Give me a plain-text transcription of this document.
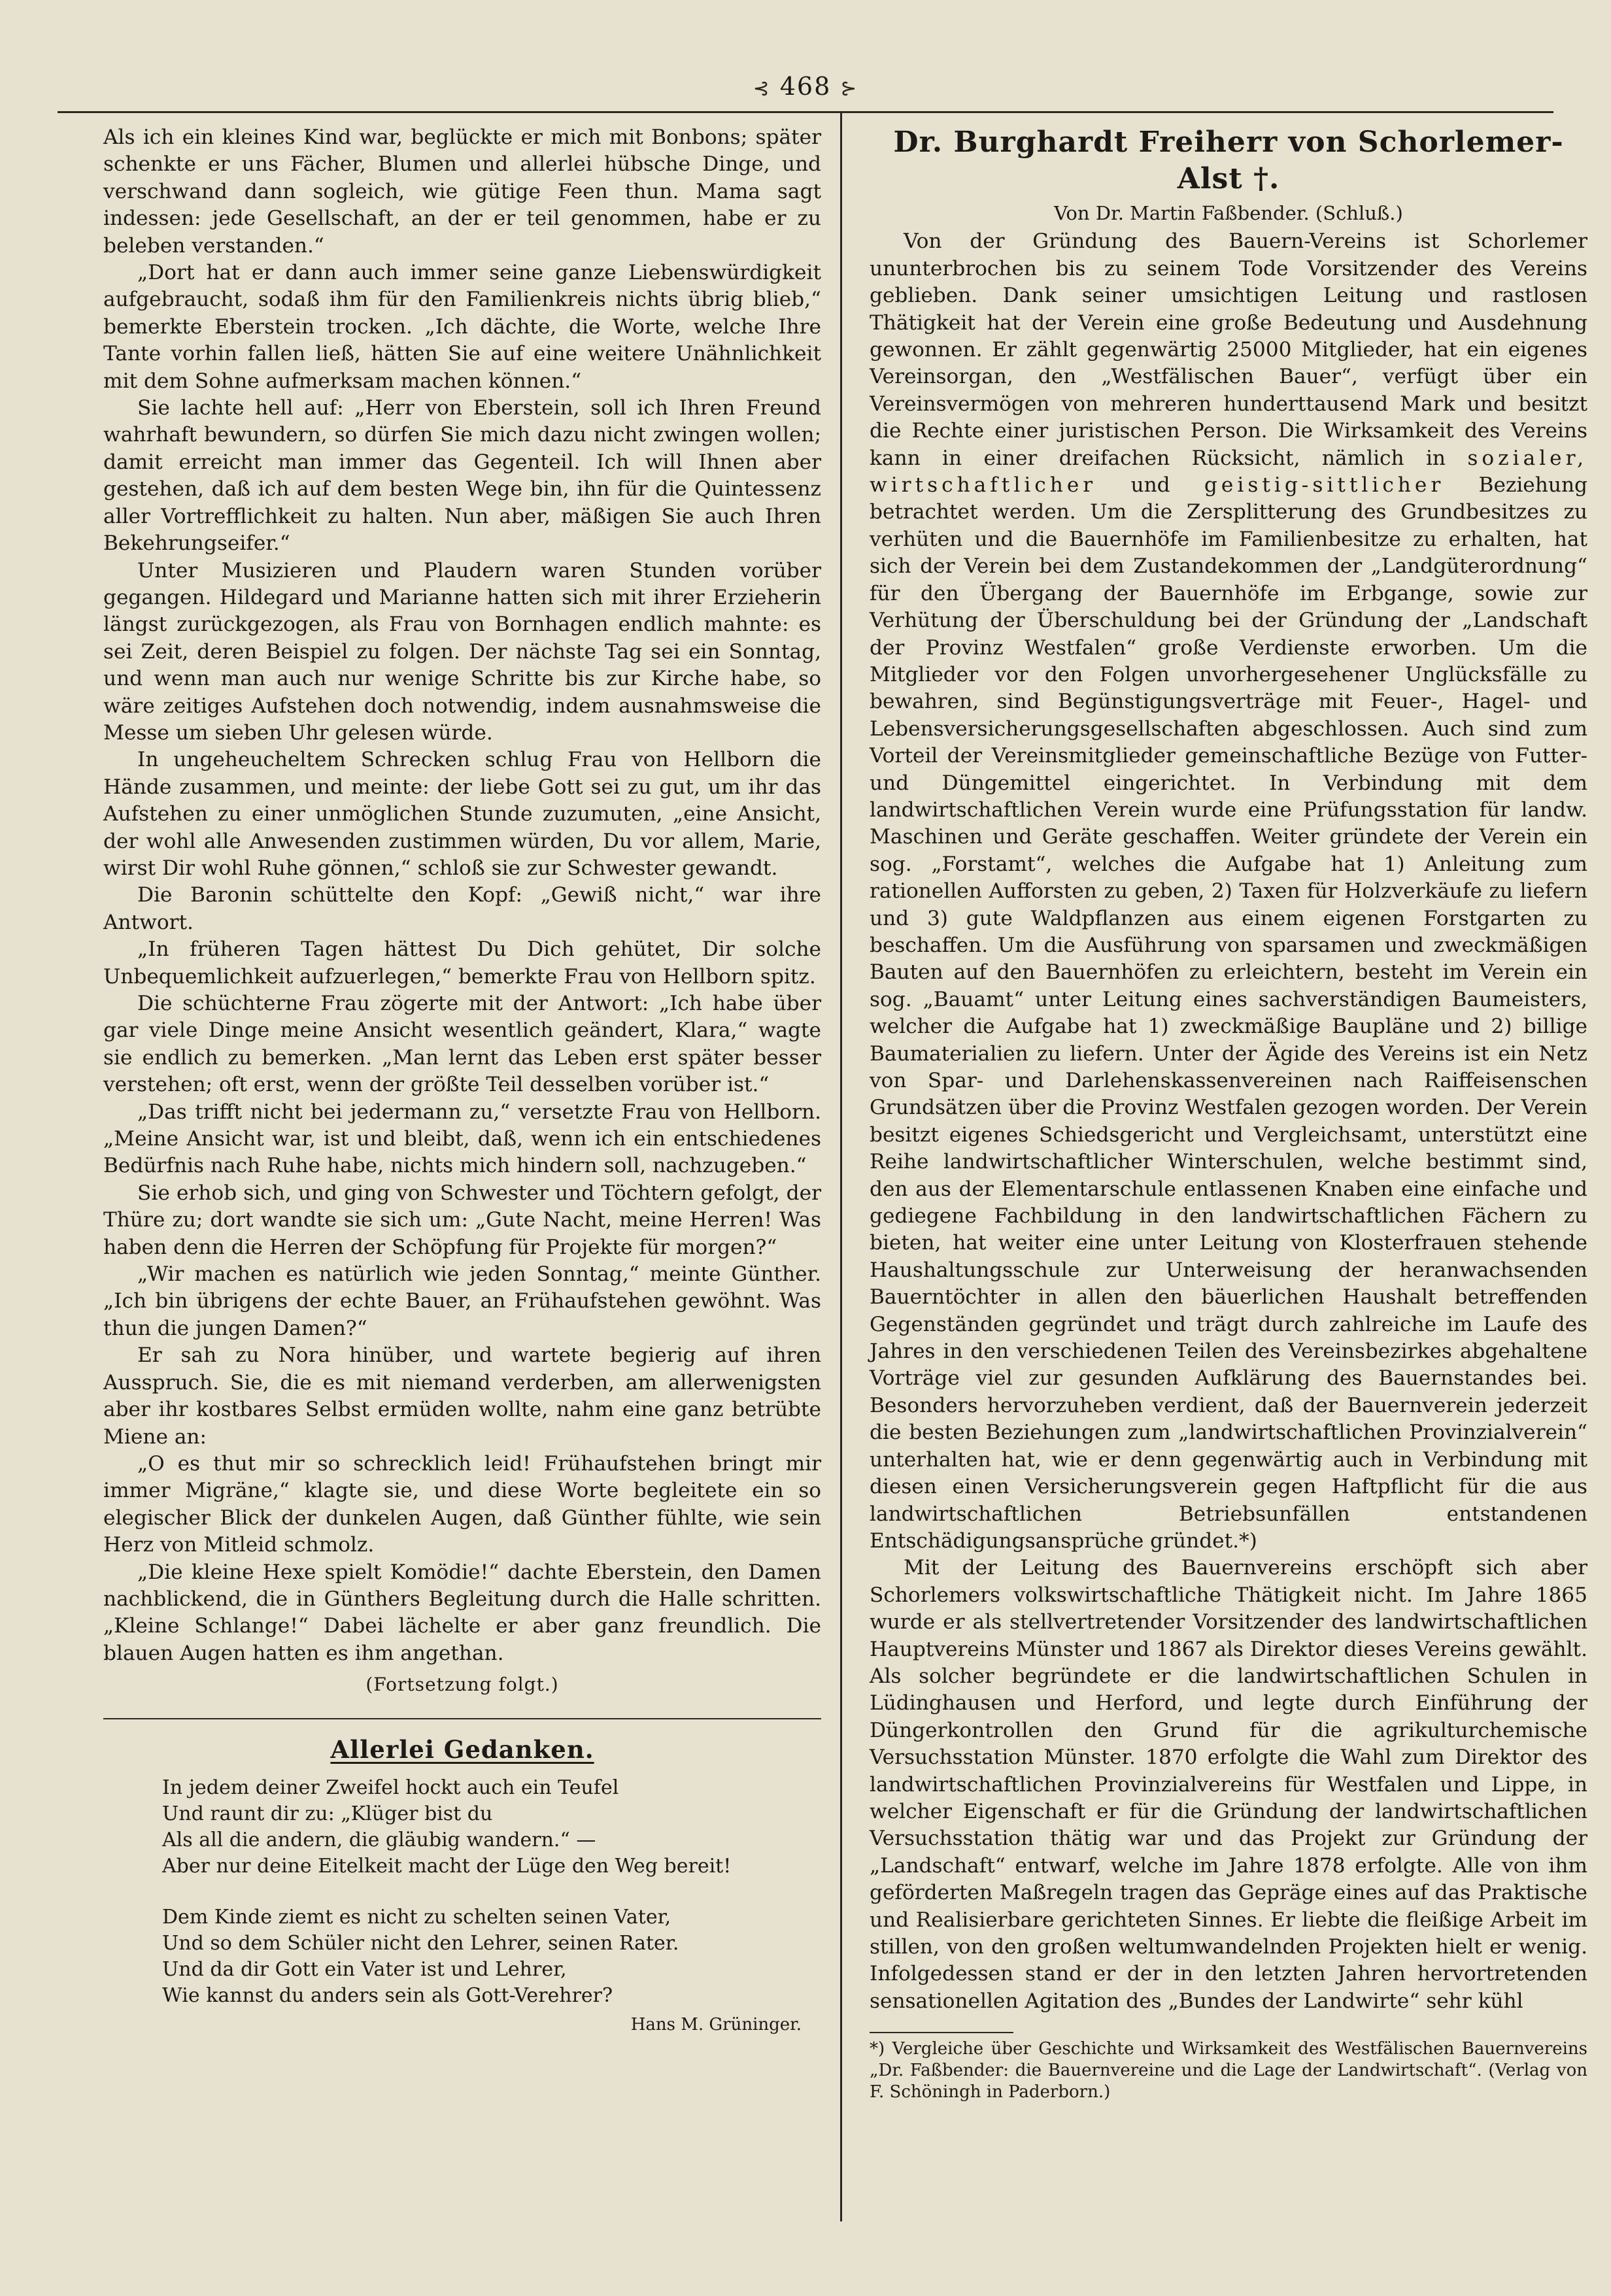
⊰ 468 ⊱

Als ich ein kleines Kind war, beglückte er mich mit Bonbons; später schenkte er uns Fächer, Blumen und allerlei hübsche Dinge, und verschwand dann sogleich, wie gütige Feen thun. Mama sagt indessen: jede Gesellschaft, an der er teil genommen, habe er zu beleben verstanden.“

„Dort hat er dann auch immer seine ganze Liebenswürdigkeit aufgebraucht, sodaß ihm für den Familienkreis nichts übrig blieb,“ bemerkte Eberstein trocken. „Ich dächte, die Worte, welche Ihre Tante vorhin fallen ließ, hätten Sie auf eine weitere Unähnlichkeit mit dem Sohne aufmerksam machen können.“

Sie lachte hell auf: „Herr von Eberstein, soll ich Ihren Freund wahrhaft bewundern, so dürfen Sie mich dazu nicht zwingen wollen; damit erreicht man immer das Gegenteil. Ich will Ihnen aber gestehen, daß ich auf dem besten Wege bin, ihn für die Quintessenz aller Vortrefflichkeit zu halten. Nun aber, mäßigen Sie auch Ihren Bekehrungseifer.“

Unter Musizieren und Plaudern waren Stunden vorüber gegangen. Hildegard und Marianne hatten sich mit ihrer Erzieherin längst zurückgezogen, als Frau von Bornhagen endlich mahnte: es sei Zeit, deren Beispiel zu folgen. Der nächste Tag sei ein Sonntag, und wenn man auch nur wenige Schritte bis zur Kirche habe, so wäre zeitiges Aufstehen doch notwendig, indem ausnahmsweise die Messe um sieben Uhr gelesen würde.

In ungeheucheltem Schrecken schlug Frau von Hellborn die Hände zusammen, und meinte: der liebe Gott sei zu gut, um ihr das Aufstehen zu einer unmöglichen Stunde zuzumuten, „eine Ansicht, der wohl alle Anwesenden zustimmen würden, Du vor allem, Marie, wirst Dir wohl Ruhe gönnen,“ schloß sie zur Schwester gewandt.

Die Baronin schüttelte den Kopf: „Gewiß nicht,“ war ihre Antwort.

„In früheren Tagen hättest Du Dich gehütet, Dir solche Unbequemlichkeit aufzuerlegen,“ bemerkte Frau von Hellborn spitz.

Die schüchterne Frau zögerte mit der Antwort: „Ich habe über gar viele Dinge meine Ansicht wesentlich geändert, Klara,“ wagte sie endlich zu bemerken. „Man lernt das Leben erst später besser verstehen; oft erst, wenn der größte Teil desselben vorüber ist.“

„Das trifft nicht bei jedermann zu,“ versetzte Frau von Hellborn. „Meine Ansicht war, ist und bleibt, daß, wenn ich ein entschiedenes Bedürfnis nach Ruhe habe, nichts mich hindern soll, nachzugeben.“

Sie erhob sich, und ging von Schwester und Töchtern gefolgt, der Thüre zu; dort wandte sie sich um: „Gute Nacht, meine Herren! Was haben denn die Herren der Schöpfung für Projekte für morgen?“

„Wir machen es natürlich wie jeden Sonntag,“ meinte Günther. „Ich bin übrigens der echte Bauer, an Frühaufstehen gewöhnt. Was thun die jungen Damen?“

Er sah zu Nora hinüber, und wartete begierig auf ihren Ausspruch. Sie, die es mit niemand verderben, am allerwenigsten aber ihr kostbares Selbst ermüden wollte, nahm eine ganz betrübte Miene an:

„O es thut mir so schrecklich leid! Frühaufstehen bringt mir immer Migräne,“ klagte sie, und diese Worte begleitete ein so elegischer Blick der dunkelen Augen, daß Günther fühlte, wie sein Herz von Mitleid schmolz.

„Die kleine Hexe spielt Komödie!“ dachte Eberstein, den Damen nachblickend, die in Günthers Begleitung durch die Halle schritten. „Kleine Schlange!“ Dabei lächelte er aber ganz freundlich. Die blauen Augen hatten es ihm angethan.

(Fortsetzung folgt.)

Allerlei Gedanken.
In jedem deiner Zweifel hockt auch ein Teufel
Und raunt dir zu: „Klüger bist du
Als all die andern, die gläubig wandern.“ —
Aber nur deine Eitelkeit macht der Lüge den Weg bereit!
Dem Kinde ziemt es nicht zu schelten seinen Vater,
Und so dem Schüler nicht den Lehrer, seinen Rater.
Und da dir Gott ein Vater ist und Lehrer,
Wie kannst du anders sein als Gott-Verehrer?
Hans M. Grüninger.
Dr. Burghardt Freiherr von Schorlemer-Alst †.
Von Dr. Martin Faßbender. (Schluß.)

Von der Gründung des Bauern-Vereins ist Schorlemer ununterbrochen bis zu seinem Tode Vorsitzender des Vereins geblieben. Dank seiner umsichtigen Leitung und rastlosen Thätigkeit hat der Verein eine große Bedeutung und Ausdehnung gewonnen. Er zählt gegenwärtig 25000 Mitglieder, hat ein eigenes Vereinsorgan, den „Westfälischen Bauer“, verfügt über ein Vereinsvermögen von mehreren hunderttausend Mark und besitzt die Rechte einer juristischen Person. Die Wirksamkeit des Vereins kann in einer dreifachen Rücksicht, nämlich in sozialer, wirtschaftlicher und geistig-sittlicher Beziehung betrachtet werden. Um die Zersplitterung des Grundbesitzes zu verhüten und die Bauernhöfe im Familienbesitze zu erhalten, hat sich der Verein bei dem Zustandekommen der „Landgüterordnung“ für den Übergang der Bauernhöfe im Erbgange, sowie zur Verhütung der Überschuldung bei der Gründung der „Landschaft der Provinz Westfalen“ große Verdienste erworben. Um die Mitglieder vor den Folgen unvorhergesehener Unglücksfälle zu bewahren, sind Begünstigungsverträge mit Feuer-, Hagel- und Lebensversicherungsgesellschaften abgeschlossen. Auch sind zum Vorteil der Vereinsmitglieder gemeinschaftliche Bezüge von Futter- und Düngemittel eingerichtet. In Verbindung mit dem landwirtschaftlichen Verein wurde eine Prüfungsstation für landw. Maschinen und Geräte geschaffen. Weiter gründete der Verein ein sog. „Forstamt“, welches die Aufgabe hat 1) Anleitung zum rationellen Aufforsten zu geben, 2) Taxen für Holzverkäufe zu liefern und 3) gute Waldpflanzen aus einem eigenen Forstgarten zu beschaffen. Um die Ausführung von sparsamen und zweckmäßigen Bauten auf den Bauernhöfen zu erleichtern, besteht im Verein ein sog. „Bauamt“ unter Leitung eines sachverständigen Baumeisters, welcher die Aufgabe hat 1) zweckmäßige Baupläne und 2) billige Baumaterialien zu liefern. Unter der Ägide des Vereins ist ein Netz von Spar- und Darlehenskassenvereinen nach Raiffeisenschen Grundsätzen über die Provinz Westfalen gezogen worden. Der Verein besitzt eigenes Schiedsgericht und Vergleichsamt, unterstützt eine Reihe landwirtschaftlicher Winterschulen, welche bestimmt sind, den aus der Elementarschule entlassenen Knaben eine einfache und gediegene Fachbildung in den landwirtschaftlichen Fächern zu bieten, hat weiter eine unter Leitung von Klosterfrauen stehende Haushaltungsschule zur Unterweisung der heranwachsenden Bauerntöchter in allen den bäuerlichen Haushalt betreffenden Gegenständen gegründet und trägt durch zahlreiche im Laufe des Jahres in den verschiedenen Teilen des Vereinsbezirkes abgehaltene Vorträge viel zur gesunden Aufklärung des Bauernstandes bei. Besonders hervorzuheben verdient, daß der Bauernverein jederzeit die besten Beziehungen zum „landwirtschaftlichen Provinzialverein“ unterhalten hat, wie er denn gegenwärtig auch in Verbindung mit diesen einen Versicherungsverein gegen Haftpflicht für die aus landwirtschaftlichen Betriebsunfällen entstandenen Entschädigungsansprüche gründet.*)

Mit der Leitung des Bauernvereins erschöpft sich aber Schorlemers volkswirtschaftliche Thätigkeit nicht. Im Jahre 1865 wurde er als stellvertretender Vorsitzender des landwirtschaftlichen Hauptvereins Münster und 1867 als Direktor dieses Vereins gewählt. Als solcher begründete er die landwirtschaftlichen Schulen in Lüdinghausen und Herford, und legte durch Einführung der Düngerkontrollen den Grund für die agrikulturchemische Versuchsstation Münster. 1870 erfolgte die Wahl zum Direktor des landwirtschaftlichen Provinzialvereins für Westfalen und Lippe, in welcher Eigenschaft er für die Gründung der landwirtschaftlichen Versuchsstation thätig war und das Projekt zur Gründung der „Landschaft“ entwarf, welche im Jahre 1878 erfolgte. Alle von ihm geförderten Maßregeln tragen das Gepräge eines auf das Praktische und Realisierbare gerichteten Sinnes. Er liebte die fleißige Arbeit im stillen, von den großen weltumwandelnden Projekten hielt er wenig. Infolgedessen stand er der in den letzten Jahren hervortretenden sensationellen Agitation des „Bundes der Landwirte“ sehr kühl

*) Vergleiche über Geschichte und Wirksamkeit des Westfälischen Bauernvereins „Dr. Faßbender: die Bauernvereine und die Lage der Landwirtschaft“. (Verlag von F. Schöningh in Paderborn.)
